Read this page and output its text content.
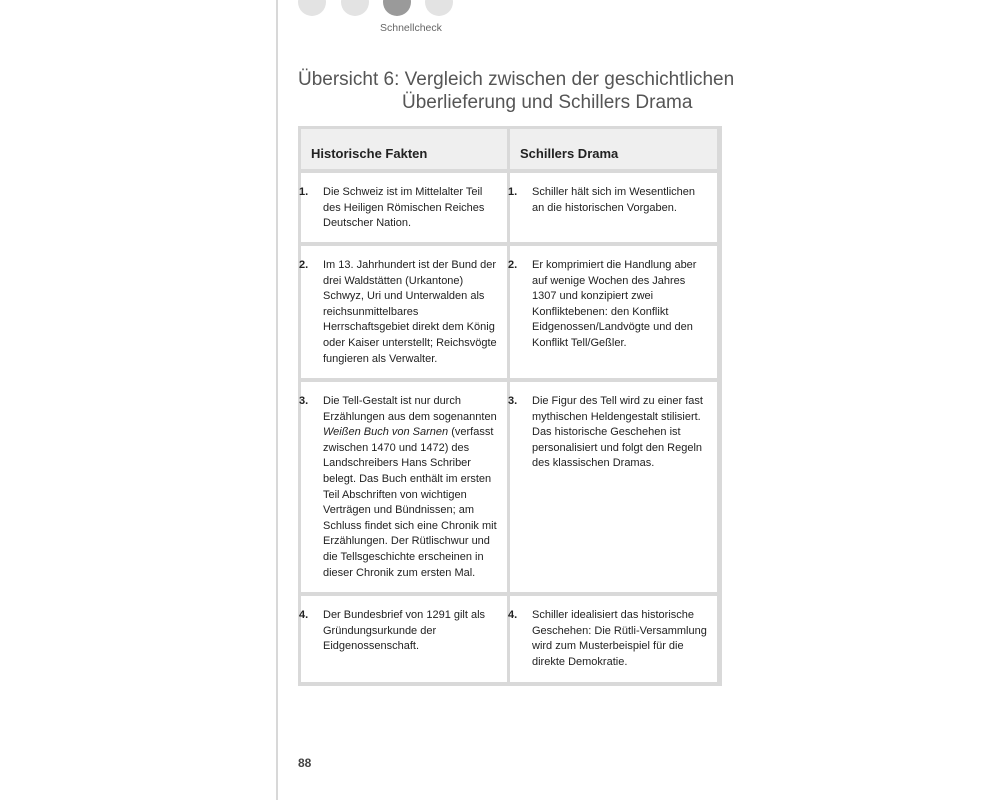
Schnellcheck
Übersicht 6: Vergleich zwischen der geschichtlichen
Überlieferung und Schillers Drama
Historische Fakten	Schillers Drama
1. Die Schweiz ist im Mittelalter Teil des Heiligen Römischen Reiches Deutscher Nation.
1. Schiller hält sich im Wesentlichen an die historischen Vorgaben.
2. Im 13. Jahrhundert ist der Bund der drei Waldstätten (Urkantone) Schwyz, Uri und Unterwalden als reichsunmittelbares Herrschaftsgebiet direkt dem König oder Kaiser unterstellt; Reichsvögte fungieren als Verwalter.
2. Er komprimiert die Handlung aber auf wenige Wochen des Jahres 1307 und konzipiert zwei Konfliktebenen: den Konflikt Eidgenossen/Landvögte und den Konflikt Tell/Geßler.
3. Die Tell-Gestalt ist nur durch Erzählungen aus dem sogenannten Weißen Buch von Sarnen (verfasst zwischen 1470 und 1472) des Landschreibers Hans Schriber belegt. Das Buch enthält im ersten Teil Abschriften von wichtigen Verträgen und Bündnissen; am Schluss findet sich eine Chronik mit Erzählungen. Der Rütlischwur und die Tellsgeschichte erscheinen in dieser Chronik zum ersten Mal.
3. Die Figur des Tell wird zu einer fast mythischen Heldengestalt stilisiert. Das historische Geschehen ist personalisiert und folgt den Regeln des klassischen Dramas.
4. Der Bundesbrief von 1291 gilt als Gründungsurkunde der Eidgenossenschaft.
4. Schiller idealisiert das historische Geschehen: Die Rütli-Versammlung wird zum Musterbeispiel für die direkte Demokratie.
88
